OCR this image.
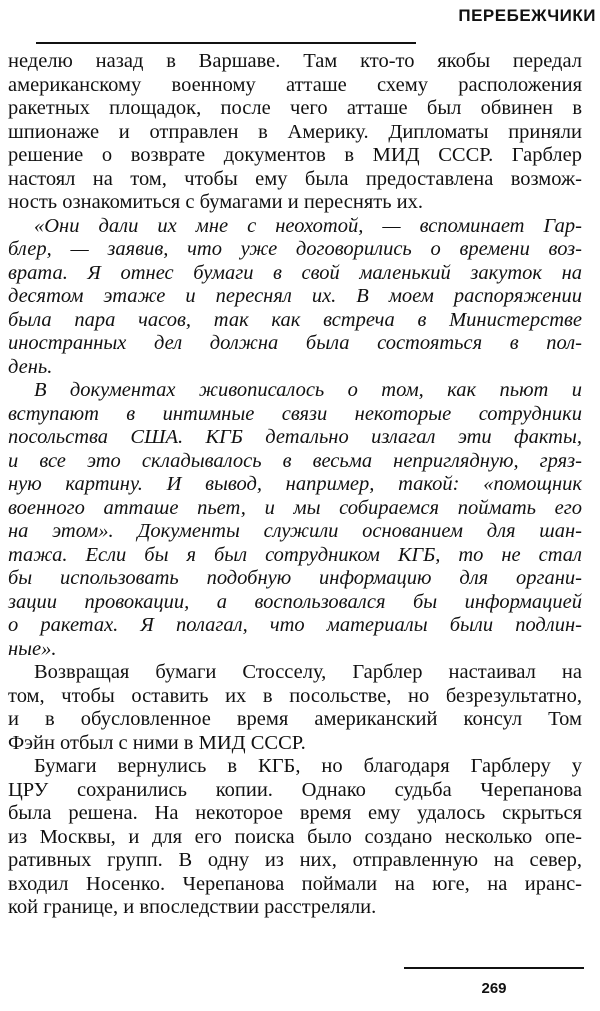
ПЕРЕБЕЖЧИКИ
неделю назад в Варшаве. Там кто-то якобы передал
американскому военному атташе схему расположения
ракетных площадок, после чего атташе был обвинен в
шпионаже и отправлен в Америку. Дипломаты приняли
решение о возврате документов в МИД СССР. Гарблер
настоял на том, чтобы ему была предоставлена возмож-
ность ознакомиться с бумагами и переснять их.
«Они дали их мне с неохотой, — вспоминает Гар-
блер, — заявив, что уже договорились о времени воз-
врата. Я отнес бумаги в свой маленький закуток на
десятом этаже и переснял их. В моем распоряжении
была пара часов, так как встреча в Министерстве
иностранных дел должна была состояться в пол-
день.
В документах живописалось о том, как пьют и
вступают в интимные связи некоторые сотрудники
посольства США. КГБ детально излагал эти факты,
и все это складывалось в весьма неприглядную, гряз-
ную картину. И вывод, например, такой: «помощник
военного атташе пьет, и мы собираемся поймать его
на этом». Документы служили основанием для шан-
тажа. Если бы я был сотрудником КГБ, то не стал
бы использовать подобную информацию для органи-
зации провокации, а воспользовался бы информацией
о ракетах. Я полагал, что материалы были подлин-
ные».
Возвращая бумаги Стосселу, Гарблер настаивал на
том, чтобы оставить их в посольстве, но безрезультатно,
и в обусловленное время американский консул Том
Фэйн отбыл с ними в МИД СССР.
Бумаги вернулись в КГБ, но благодаря Гарблеру у
ЦРУ сохранились копии. Однако судьба Черепанова
была решена. На некоторое время ему удалось скрыться
из Москвы, и для его поиска было создано несколько опе-
ративных групп. В одну из них, отправленную на север,
входил Носенко. Черепанова поймали на юге, на иранс-
кой границе, и впоследствии расстреляли.
269
